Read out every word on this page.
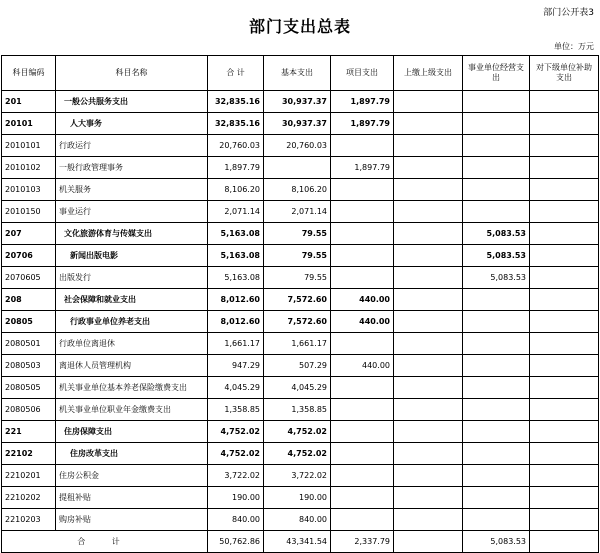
部门公开表3
部门支出总表
单位：万元
科目编码	科目名称	合 计	基本支出	项目支出	上缴上级支出	事业单位经营支出	对下级单位补助支出
201	一般公共服务支出	32,835.16	30,937.37	1,897.79			
20101	人大事务	32,835.16	30,937.37	1,897.79			
2010101	行政运行	20,760.03	20,760.03				
2010102	一般行政管理事务	1,897.79		1,897.79			
2010103	机关服务	8,106.20	8,106.20				
2010150	事业运行	2,071.14	2,071.14				
207	文化旅游体育与传媒支出	5,163.08	79.55			5,083.53	
20706	新闻出版电影	5,163.08	79.55			5,083.53	
2070605	出版发行	5,163.08	79.55			5,083.53	
208	社会保障和就业支出	8,012.60	7,572.60	440.00			
20805	行政事业单位养老支出	8,012.60	7,572.60	440.00			
2080501	行政单位离退休	1,661.17	1,661.17				
2080503	离退休人员管理机构	947.29	507.29	440.00			
2080505	机关事业单位基本养老保险缴费支出	4,045.29	4,045.29				
2080506	机关事业单位职业年金缴费支出	1,358.85	1,358.85				
221	住房保障支出	4,752.02	4,752.02				
22102	住房改革支出	4,752.02	4,752.02				
2210201	住房公积金	3,722.02	3,722.02				
2210202	提租补贴	190.00	190.00				
2210203	购房补贴	840.00	840.00				
合 计		50,762.86	43,341.54	2,337.79		5,083.53	
